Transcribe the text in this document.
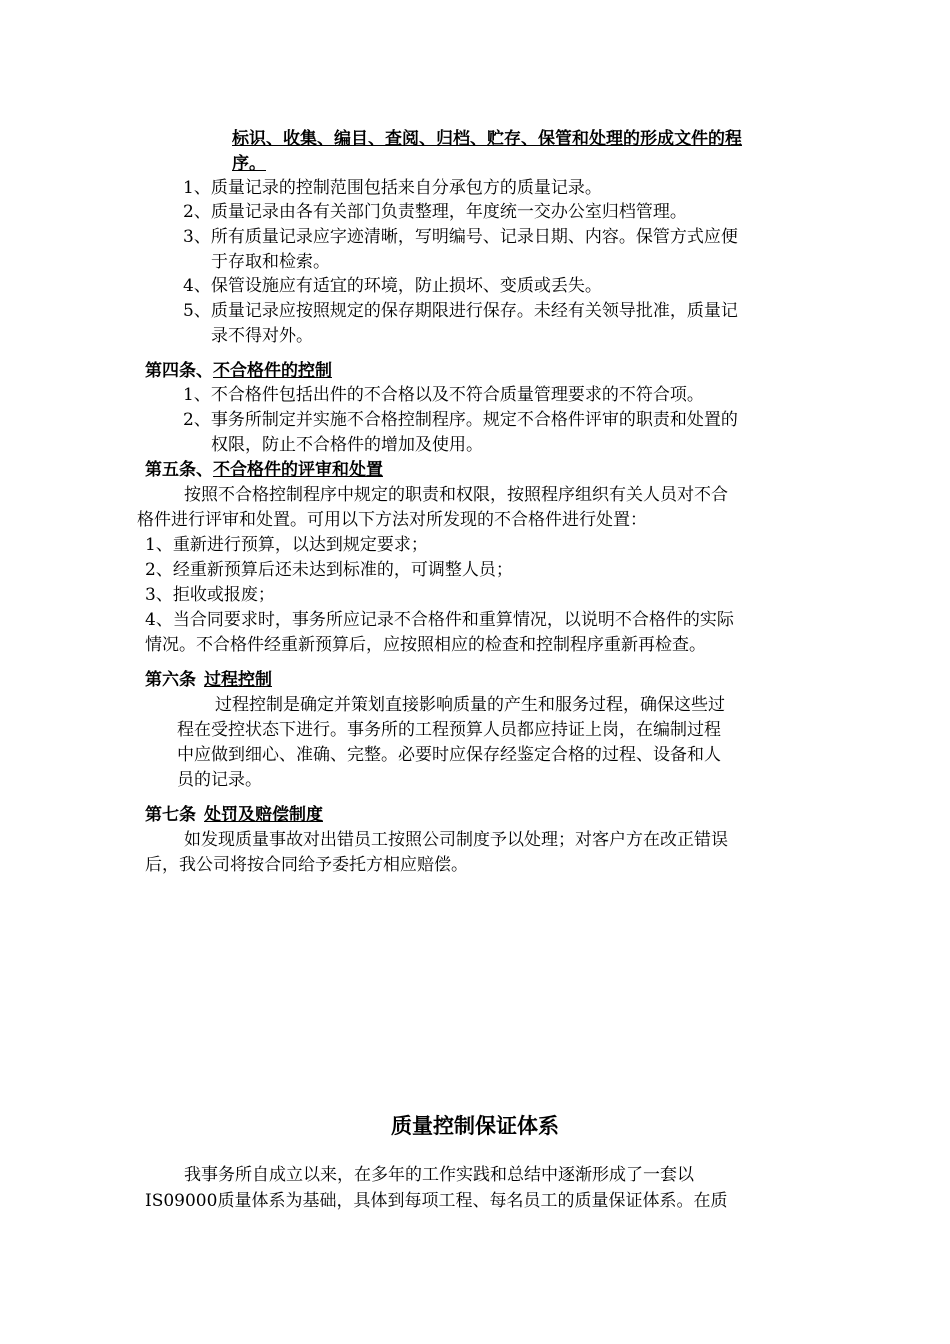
标识、收集、编目、查阅、归档、贮存、保管和处理的形成文件的程
序。
1、质量记录的控制范围包括来自分承包方的质量记录。
2、质量记录由各有关部门负责整理，年度统一交办公室归档管理。
3、所有质量记录应字迹清晰，写明编号、记录日期、内容。保管方式应便
于存取和检索。
4、保管设施应有适宜的环境，防止损坏、变质或丢失。
5、质量记录应按照规定的保存期限进行保存。未经有关领导批准，质量记
录不得对外。
第四条、不合格件的控制
1、不合格件包括出件的不合格以及不符合质量管理要求的不符合项。
2、事务所制定并实施不合格控制程序。规定不合格件评审的职责和处置的
权限，防止不合格件的增加及使用。
第五条、不合格件的评审和处置
按照不合格控制程序中规定的职责和权限，按照程序组织有关人员对不合
格件进行评审和处置。可用以下方法对所发现的不合格件进行处置：
1、重新进行预算，以达到规定要求；
2、经重新预算后还未达到标准的，可调整人员；
3、拒收或报废；
4、当合同要求时，事务所应记录不合格件和重算情况，以说明不合格件的实际
情况。不合格件经重新预算后，应按照相应的检查和控制程序重新再检查。
第六条 过程控制
过程控制是确定并策划直接影响质量的产生和服务过程，确保这些过
程在受控状态下进行。事务所的工程预算人员都应持证上岗，在编制过程
中应做到细心、准确、完整。必要时应保存经鉴定合格的过程、设备和人
员的记录。
第七条 处罚及赔偿制度
如发现质量事故对出错员工按照公司制度予以处理；对客户方在改正错误
后，我公司将按合同给予委托方相应赔偿。
质量控制保证体系
我事务所自成立以来，在多年的工作实践和总结中逐渐形成了一套以
IS09000质量体系为基础，具体到每项工程、每名员工的质量保证体系。在质
